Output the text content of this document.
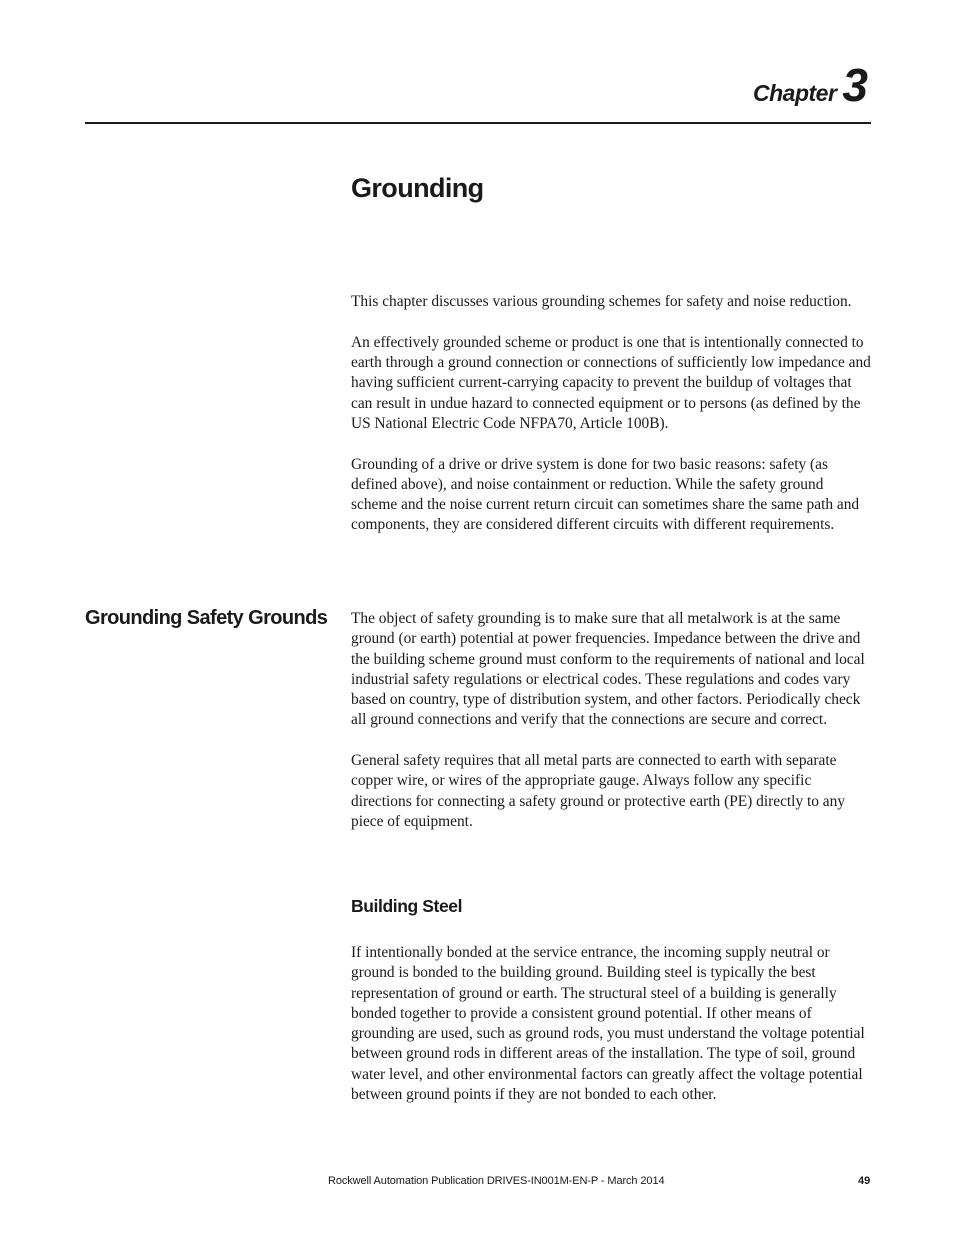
Chapter 3
Grounding

This chapter discusses various grounding schemes for safety and noise reduction.

An effectively grounded scheme or product is one that is intentionally connected to earth through a ground connection or connections of sufficiently low impedance and having sufficient current-carrying capacity to prevent the buildup of voltages that can result in undue hazard to connected equipment or to persons (as defined by the US National Electric Code NFPA70, Article 100B).

Grounding of a drive or drive system is done for two basic reasons: safety (as defined above), and noise containment or reduction. While the safety ground scheme and the noise current return circuit can sometimes share the same path and components, they are considered different circuits with different requirements.

Grounding Safety Grounds The object of safety grounding is to make sure that all metalwork is at the same ground (or earth) potential at power frequencies. Impedance between the drive and the building scheme ground must conform to the requirements of national and local industrial safety regulations or electrical codes. These regulations and codes vary based on country, type of distribution system, and other factors. Periodically check all ground connections and verify that the connections are secure and correct.

General safety requires that all metal parts are connected to earth with separate copper wire, or wires of the appropriate gauge. Always follow any specific directions for connecting a safety ground or protective earth (PE) directly to any piece of equipment.

Building Steel

If intentionally bonded at the service entrance, the incoming supply neutral or ground is bonded to the building ground. Building steel is typically the best representation of ground or earth. The structural steel of a building is generally bonded together to provide a consistent ground potential. If other means of grounding are used, such as ground rods, you must understand the voltage potential between ground rods in different areas of the installation. The type of soil, ground water level, and other environmental factors can greatly affect the voltage potential between ground points if they are not bonded to each other.

Rockwell Automation Publication DRIVES-IN001M-EN-P - March 2014	49
